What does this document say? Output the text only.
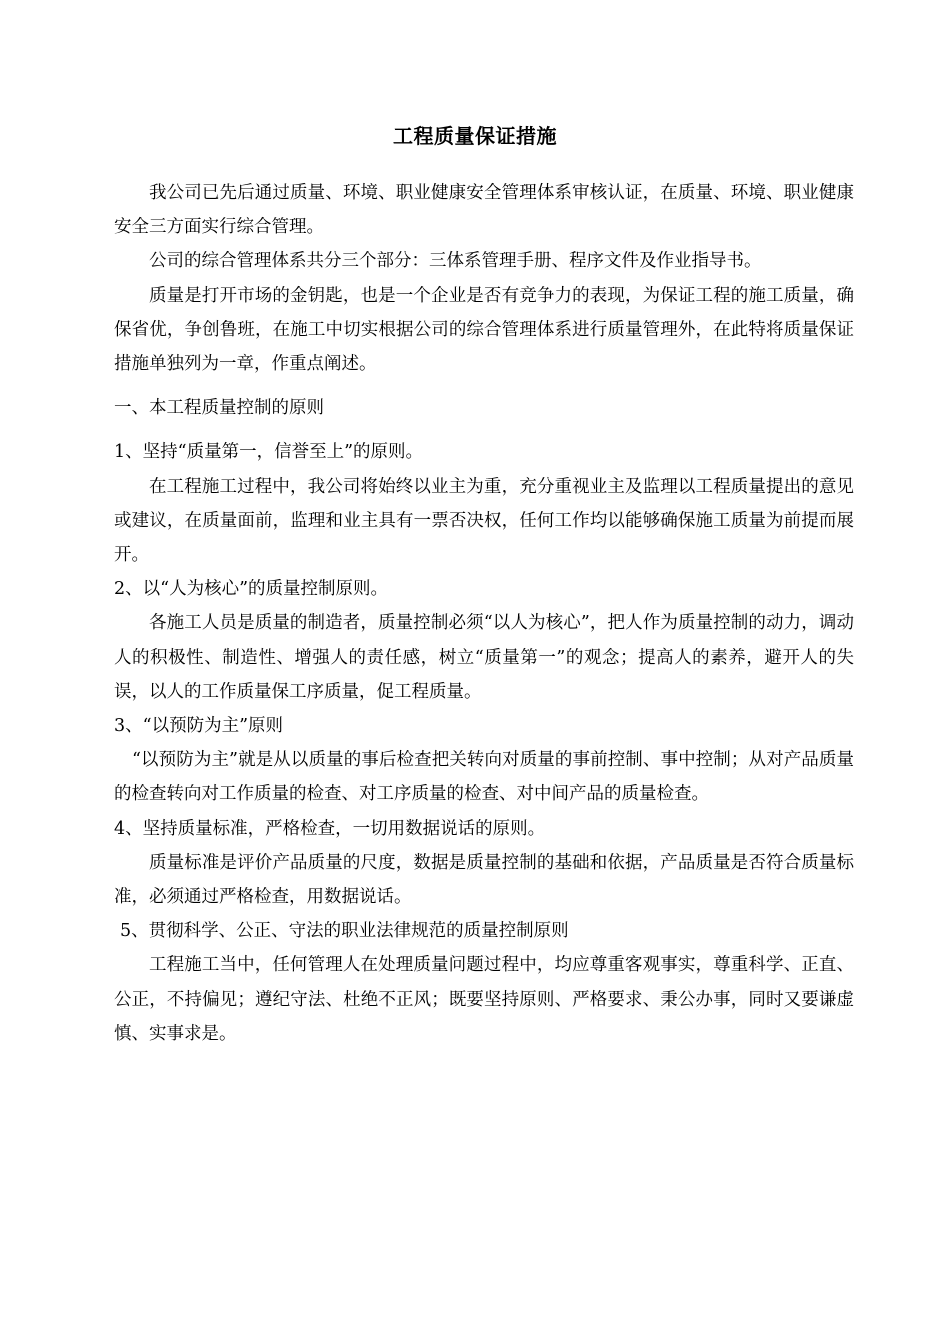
工程质量保证措施

我公司已先后通过质量、环境、职业健康安全管理体系审核认证，在质量、环境、职业健康安全三方面实行综合管理。

公司的综合管理体系共分三个部分：三体系管理手册、程序文件及作业指导书。

质量是打开市场的金钥匙，也是一个企业是否有竞争力的表现，为保证工程的施工质量，确保省优，争创鲁班，在施工中切实根据公司的综合管理体系进行质量管理外，在此特将质量保证措施单独列为一章，作重点阐述。

一、本工程质量控制的原则

1、坚持“质量第一，信誉至上”的原则。

在工程施工过程中，我公司将始终以业主为重，充分重视业主及监理以工程质量提出的意见或建议，在质量面前，监理和业主具有一票否决权，任何工作均以能够确保施工质量为前提而展开。

2、以“人为核心”的质量控制原则。

各施工人员是质量的制造者，质量控制必须“以人为核心”，把人作为质量控制的动力，调动人的积极性、制造性、增强人的责任感，树立“质量第一”的观念；提高人的素养，避开人的失误，以人的工作质量保工序质量，促工程质量。

3、“以预防为主”原则

“以预防为主”就是从以质量的事后检查把关转向对质量的事前控制、事中控制；从对产品质量的检查转向对工作质量的检查、对工序质量的检查、对中间产品的质量检查。

4、坚持质量标准，严格检查，一切用数据说话的原则。

质量标准是评价产品质量的尺度，数据是质量控制的基础和依据，产品质量是否符合质量标准，必须通过严格检查，用数据说话。

5、贯彻科学、公正、守法的职业法律规范的质量控制原则

工程施工当中，任何管理人在处理质量问题过程中，均应尊重客观事实，尊重科学、正直、公正，不持偏见；遵纪守法、杜绝不正风；既要坚持原则、严格要求、秉公办事，同时又要谦虚慎、实事求是。
